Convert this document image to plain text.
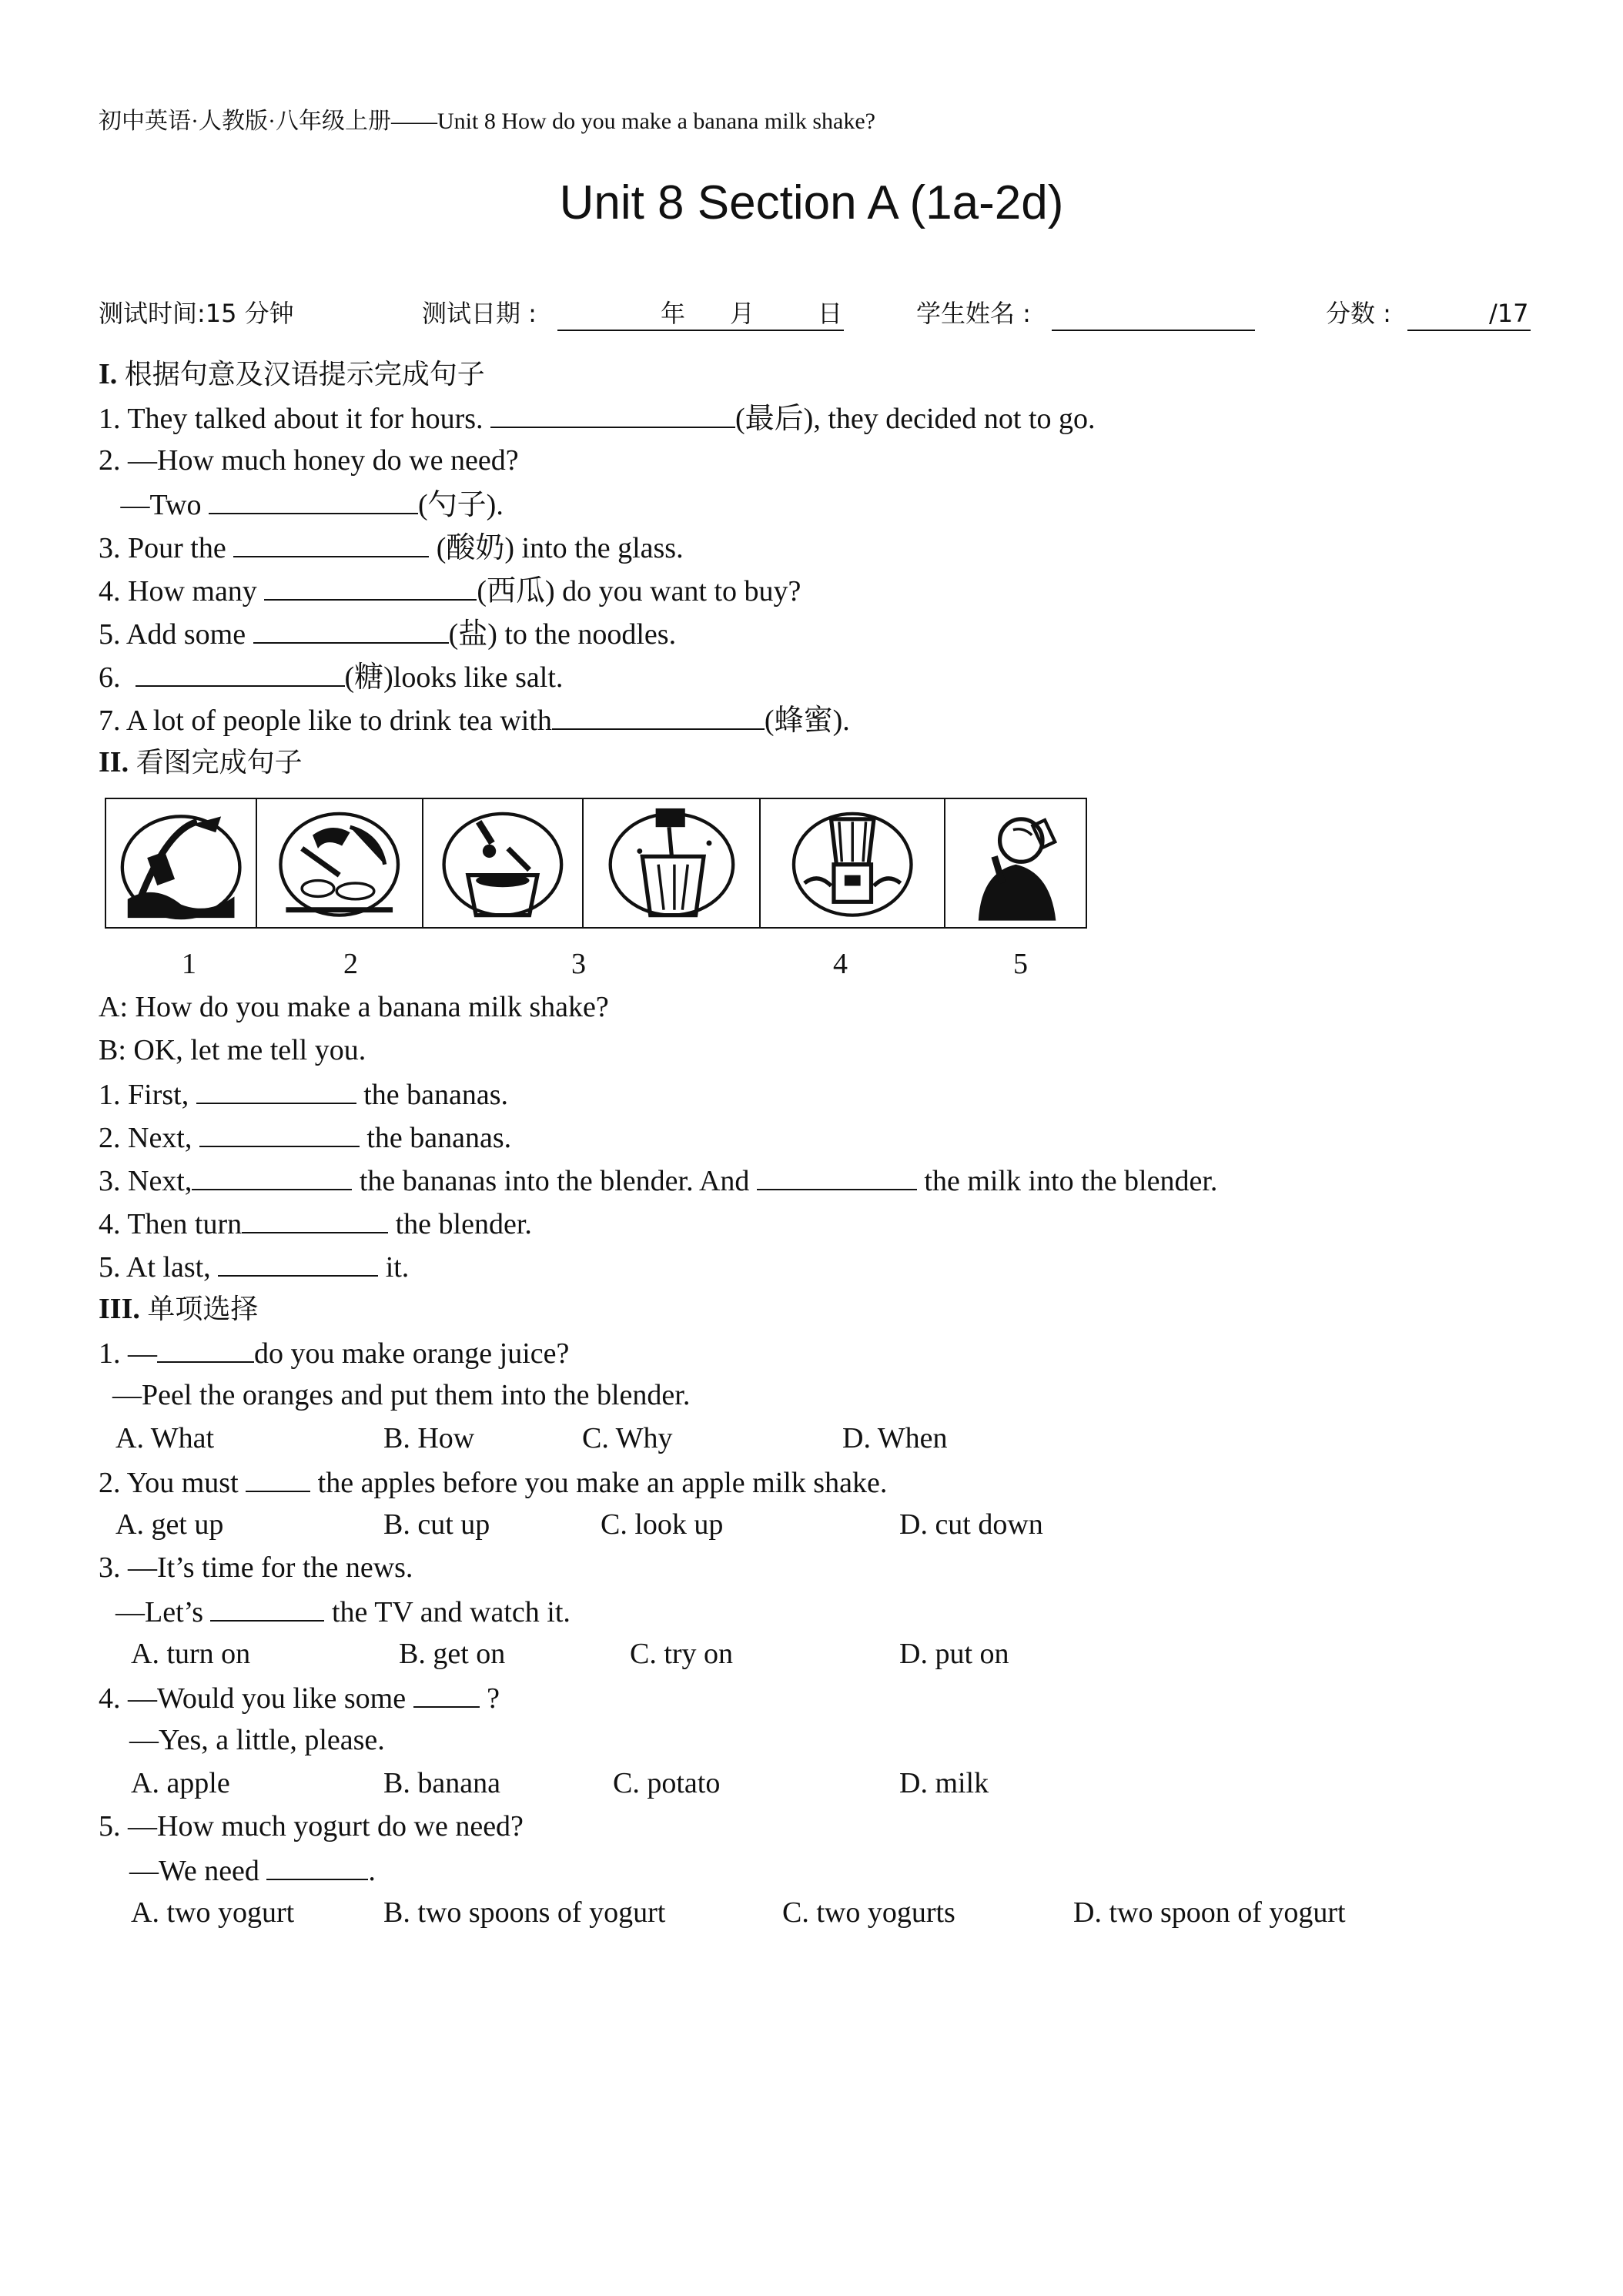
初中英语·人教版·八年级上册——Unit 8 How do you make a banana milk shake?
Unit 8 Section A (1a-2d)
测试时间:15 分钟	测试日期 :	年 月	日	学生姓名 :	分数 :	/17
I. 根据句意及汉语提示完成句子
1. They talked about it for hours.	(最后), they decided not to go.
2. —How much honey do we need?
—Two	(勺子).
3. Pour the	(酸奶) into the glass.
4. How many	(西瓜) do you want to buy?
5. Add some	(盐) to the noodles.
6.	(糖)looks like salt.
7. A lot of people like to drink tea with	(蜂蜜).
II. 看图完成句子
1	2	3	4	5
A: How do you make a banana milk shake?
B: OK, let me tell you.
1. First,	the bananas.
2. Next,	the bananas.
3. Next,	the bananas into the blender. And	the milk into the blender.
4. Then turn	the blender.
5. At last,	it.
III. 单项选择
1. —	do you make orange juice?
—Peel the oranges and put them into the blender.
A. What	B. How	C. Why	D. When
2. You must  the apples before you make an apple milk shake.
A. get up	B. cut up	C. look up	D. cut down
3. —It’s time for the news.
—Let’s	the TV and watch it.
A. turn on	B. get on	C. try on	D. put on
4. —Would you like some  ?
—Yes, a little, please.
A. apple	B. banana	C. potato	D. milk
5. —How much yogurt do we need?
—We need	.
A. two yogurt	B. two spoons of yogurt	C. two yogurts	D. two spoon of yogurt
